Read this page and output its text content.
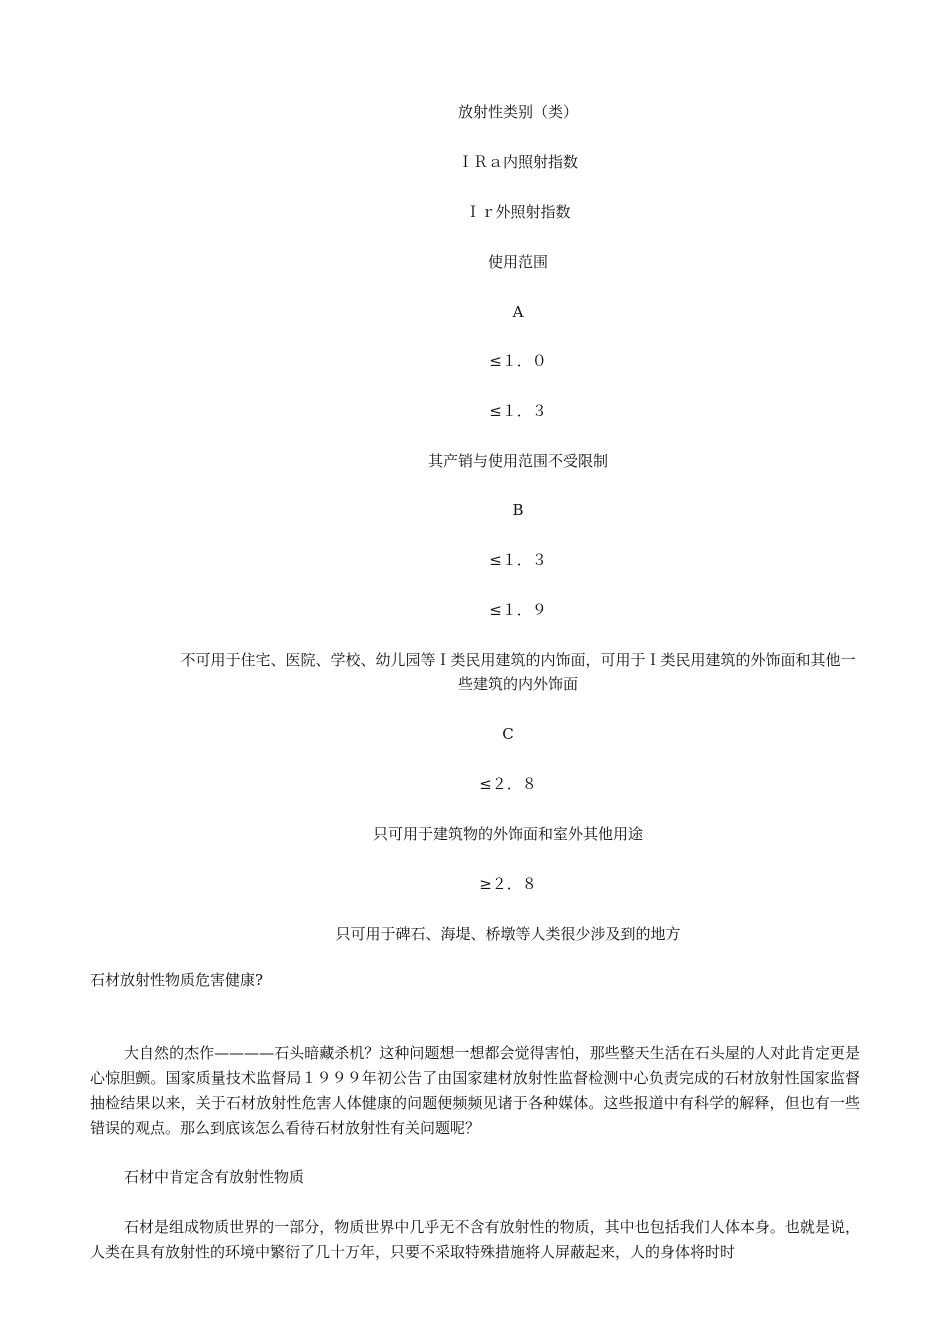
放射性类别（类）

ＩＲａ内照射指数

Ｉｒ外照射指数

使用范围

A

≤１．０

≤１．３

其产销与使用范围不受限制

B

≤１．３

≤１．９

不可用于住宅、医院、学校、幼儿园等Ｉ类民用建筑的内饰面，可用于Ｉ类民用建筑的外饰面和其他一些建筑的内外饰面

C

≤２．８

只可用于建筑物的外饰面和室外其他用途

≥２．８

只可用于碑石、海堤、桥墩等人类很少涉及到的地方

石材放射性物质危害健康?

大自然的杰作————石头暗藏杀机？这种问题想一想都会觉得害怕，那些整天生活在石头屋的人对此肯定更是心惊胆颤。国家质量技术监督局１９９９年初公告了由国家建材放射性监督检测中心负责完成的石材放射性国家监督抽检结果以来，关于石材放射性危害人体健康的问题便频频见诸于各种媒体。这些报道中有科学的解释，但也有一些错误的观点。那么到底该怎么看待石材放射性有关问题呢？

石材中肯定含有放射性物质

石材是组成物质世界的一部分，物质世界中几乎无不含有放射性的物质，其中也包括我们人体本身。也就是说，人类在具有放射性的环境中繁衍了几十万年，只要不采取特殊措施将人屏蔽起来，人的身体将时时
